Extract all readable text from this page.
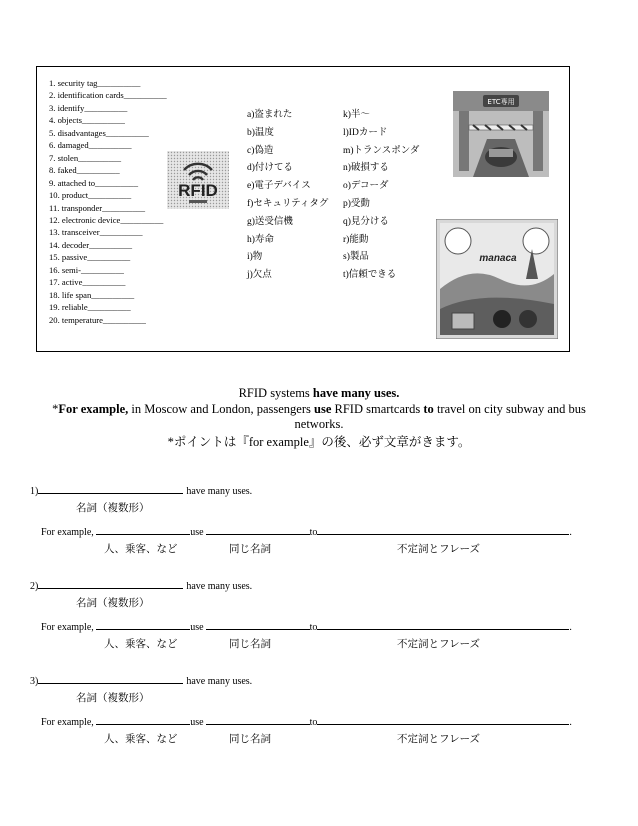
1. security tag__________
2. identification cards__________
3. identify__________
4. objects__________
5. disadvantages__________
6. damaged__________
7. stolen__________
8. faked__________
9. attached to__________
10. product__________
11. transponder__________
12. electronic device__________
13. transceiver__________
14. decoder__________
15. passive__________
16. semi-__________
17. active__________
18. life span__________
19. reliable__________
20. temperature__________
RFID
a)盗まれた
b)温度
c)偽造
d)付けてる
e)電子デバイス
f)セキュリティタグ
g)送受信機
h)寿命
i)物
j)欠点
k)半〜
l)IDカード
m)トランスポンダ
n)破損する
o)デコーダ
p)受動
q)見分ける
r)能動
s)製品
t)信頼できる
ETC専用
manaca
RFID systems have many uses.
*For example, in Moscow and London, passengers use RFID smartcards to travel on city subway and bus networks.
*ポイントは『for example』の後、必ず文章がきます。
1)	have many uses.
名詞（複数形）
For example,	use	to	.
人、乗客、など	同じ名詞	不定詞とフレーズ
2)	have many uses.
名詞（複数形）
For example,	use	to	.
人、乗客、など	同じ名詞	不定詞とフレーズ
3)	have many uses.
名詞（複数形）
For example,	use	to	.
人、乗客、など	同じ名詞	不定詞とフレーズ
